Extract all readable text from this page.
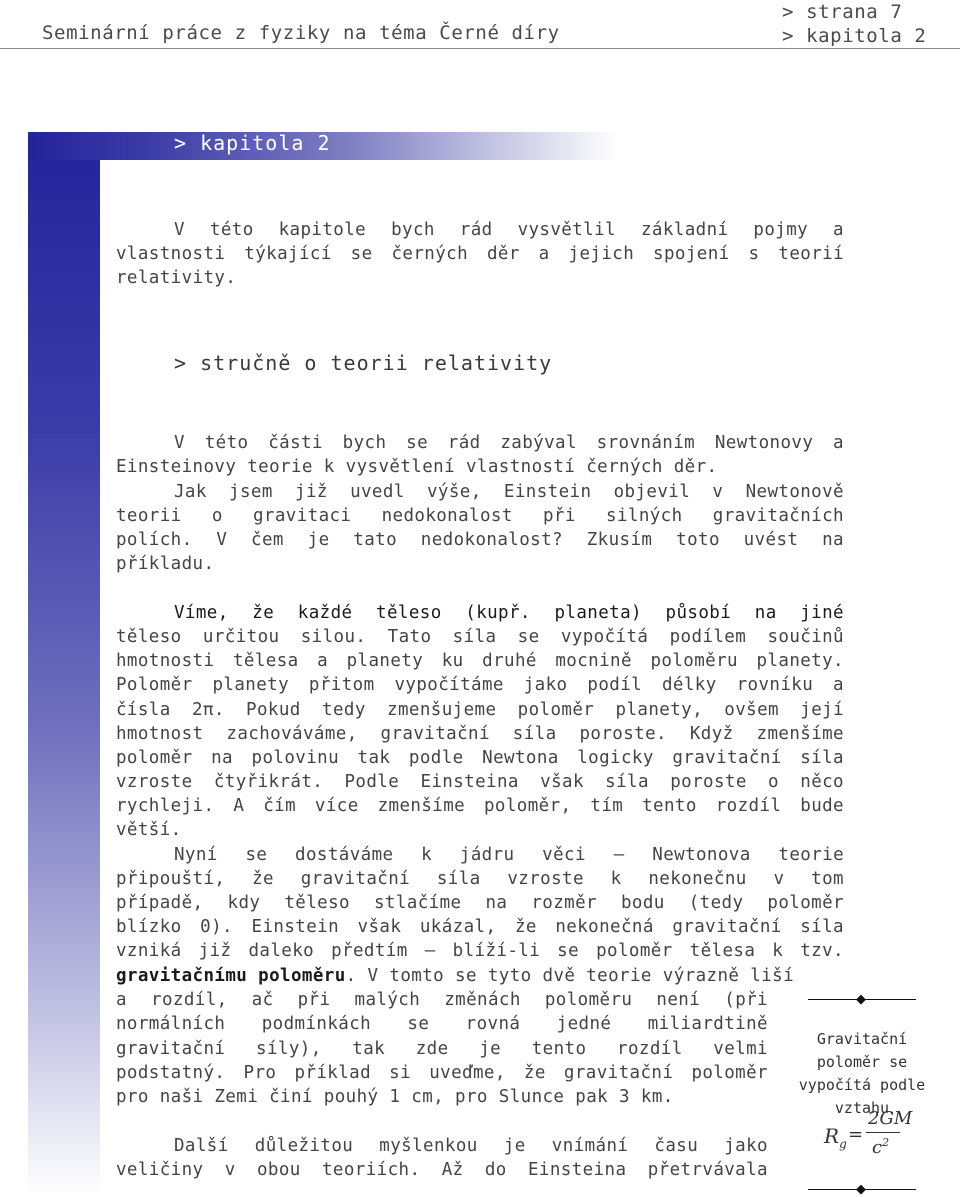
Seminární práce z fyziky na téma Černé díry
> strana 7
> kapitola 2
> kapitola 2
V této kapitole bych rád vysvětlil základní pojmy a
vlastnosti týkající se černých děr a jejich spojení s teorií
relativity.
> stručně o teorii relativity
V této části bych se rád zabýval srovnáním Newtonovy a
Einsteinovy teorie k vysvětlení vlastností černých děr.
Jak jsem již uvedl výše, Einstein objevil v Newtonově
teorii o gravitaci nedokonalost při silných gravitačních
polích. V čem je tato nedokonalost? Zkusím toto uvést na
příkladu.
Víme, že každé těleso (kupř. planeta) působí na jiné
těleso určitou silou. Tato síla se vypočítá podílem součinů
hmotnosti tělesa a planety ku druhé mocnině poloměru planety.
Poloměr planety přitom vypočítáme jako podíl délky rovníku a
čísla 2π. Pokud tedy zmenšujeme poloměr planety, ovšem její
hmotnost zachováváme, gravitační síla poroste. Když zmenšíme
poloměr na polovinu tak podle Newtona logicky gravitační síla
vzroste čtyřikrát. Podle Einsteina však síla poroste o něco
rychleji. A čím více zmenšíme poloměr, tím tento rozdíl bude
větší.
Nyní se dostáváme k jádru věci – Newtonova teorie
připouští, že gravitační síla vzroste k nekonečnu v tom
případě, kdy těleso stlačíme na rozměr bodu (tedy poloměr
blízko 0). Einstein však ukázal, že nekonečná gravitační síla
vzniká již daleko předtím – blíží-li se poloměr tělesa k tzv.
gravitačnímu poloměru. V tomto se tyto dvě teorie výrazně liší
a rozdíl, ač při malých změnách poloměru není (při
normálních podmínkách se rovná jedné miliardtině
gravitační síly), tak zde je tento rozdíl velmi
podstatný. Pro příklad si uveďme, že gravitační poloměr
pro naši Zemi činí pouhý 1 cm, pro Slunce pak 3 km.
Další důležitou myšlenkou je vnímání času jako
veličiny v obou teoriích. Až do Einsteina přetrvávala
◆
Gravitační
poloměr se
vypočítá podle
vztahu
$R_g$ =
2GM
$c^2$
◆
